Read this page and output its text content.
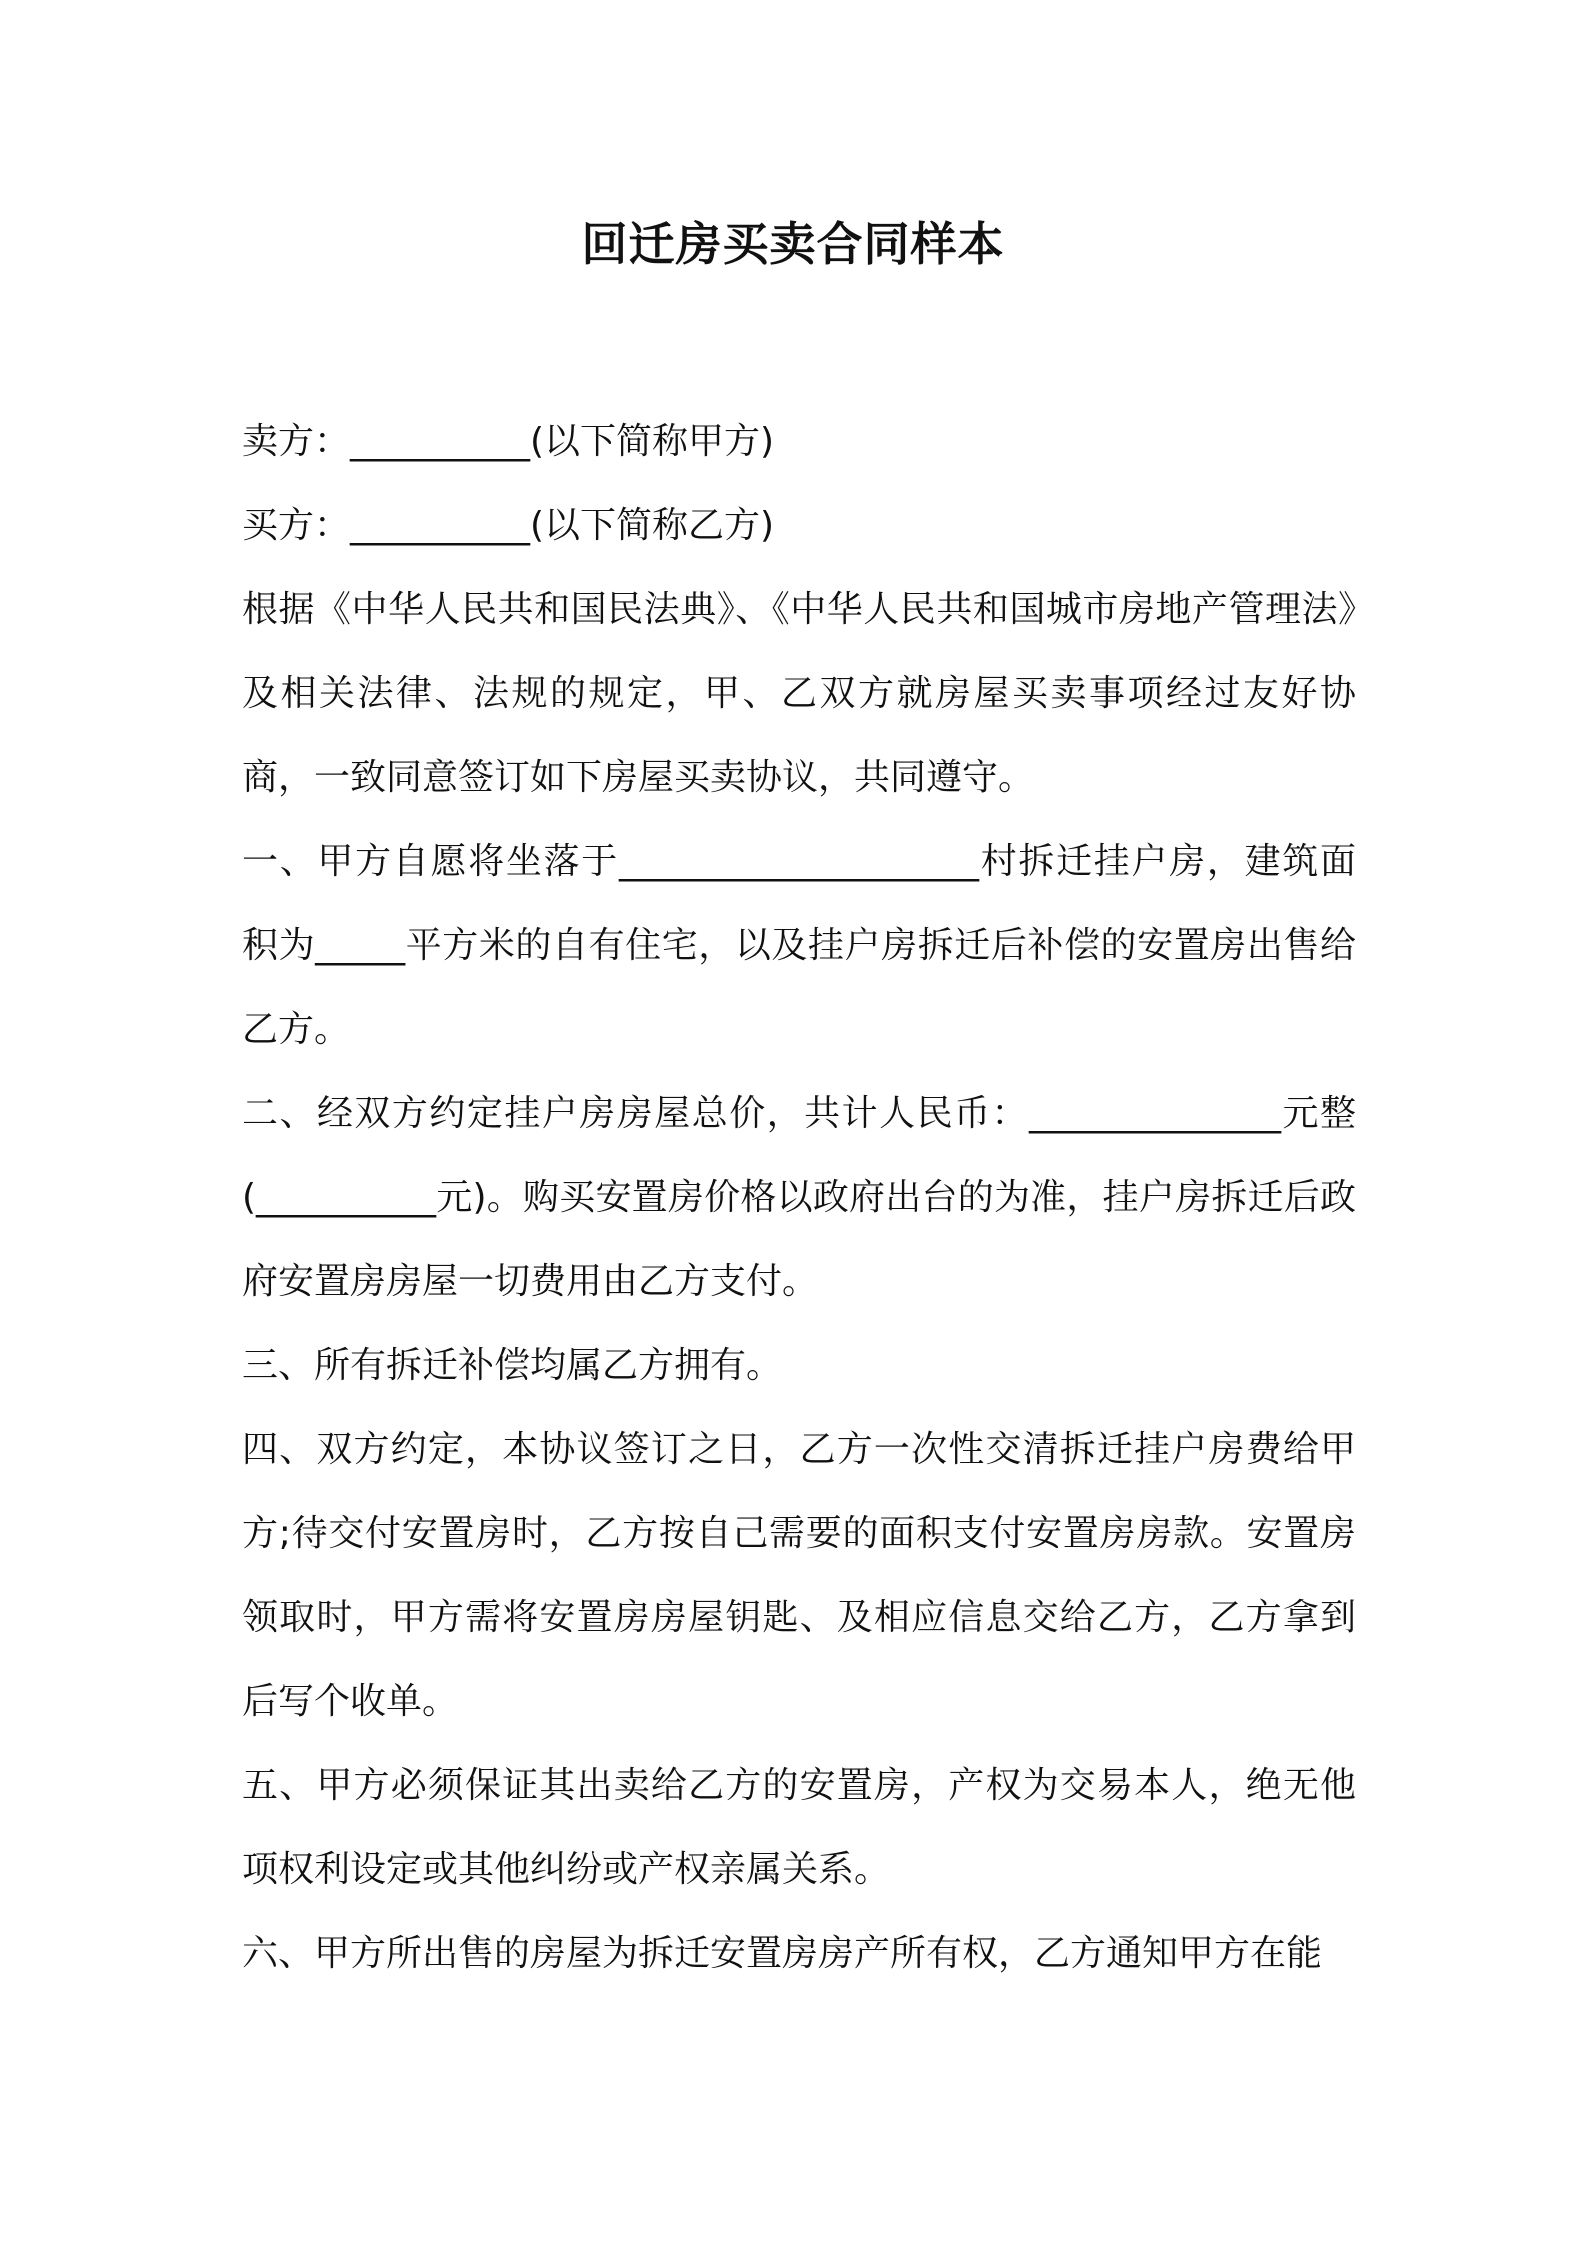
回迁房买卖合同样本

卖方：__________(以下简称甲方)

买方：__________(以下简称乙方)

根据《中华人民共和国民法典》、《中华人民共和国城市房地产管理法》及相关法律、法规的规定，甲、乙双方就房屋买卖事项经过友好协商，一致同意签订如下房屋买卖协议，共同遵守。

一、甲方自愿将坐落于____________________村拆迁挂户房，建筑面积为_____平方米的自有住宅，以及挂户房拆迁后补偿的安置房出售给乙方。

二、经双方约定挂户房房屋总价，共计人民币：______________元整(__________元)。购买安置房价格以政府出台的为准，挂户房拆迁后政府安置房房屋一切费用由乙方支付。

三、所有拆迁补偿均属乙方拥有。

四、双方约定，本协议签订之日，乙方一次性交清拆迁挂户房费给甲方;待交付安置房时，乙方按自己需要的面积支付安置房房款。安置房领取时，甲方需将安置房房屋钥匙、及相应信息交给乙方，乙方拿到后写个收单。

五、甲方必须保证其出卖给乙方的安置房，产权为交易本人，绝无他项权利设定或其他纠纷或产权亲属关系。

六、甲方所出售的房屋为拆迁安置房房产所有权，乙方通知甲方在能
